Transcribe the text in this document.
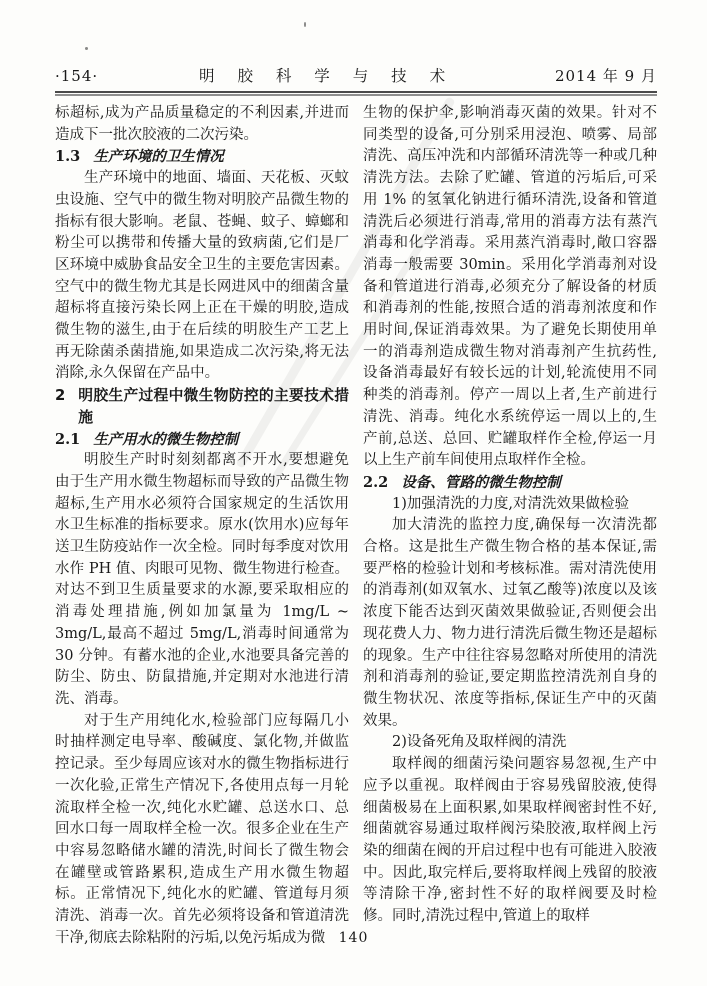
·154·	明 胶 科 学 与 技 术	2014 年 9 月

标超标,成为产品质量稳定的不利因素,并进而造成下一批次胶液的二次污染。

1.3 生产环境的卫生情况

生产环境中的地面、墙面、天花板、灭蚊虫设施、空气中的微生物对明胶产品微生物的指标有很大影响。老鼠、苍蝇、蚊子、蟑螂和粉尘可以携带和传播大量的致病菌,它们是厂区环境中威胁食品安全卫生的主要危害因素。空气中的微生物尤其是长网进风中的细菌含量超标将直接污染长网上正在干燥的明胶,造成微生物的滋生,由于在后续的明胶生产工艺上再无除菌杀菌措施,如果造成二次污染,将无法消除,永久保留在产品中。

2 明胶生产过程中微生物防控的主要技术措施
2.1 生产用水的微生物控制

明胶生产时时刻刻都离不开水,要想避免由于生产用水微生物超标而导致的产品微生物超标,生产用水必须符合国家规定的生活饮用水卫生标准的指标要求。原水(饮用水)应每年送卫生防疫站作一次全检。同时每季度对饮用水作 PH 值、肉眼可见物、微生物进行检查。对达不到卫生质量要求的水源,要采取相应的消毒处理措施,例如加氯量为 1mg/L ~ 3mg/L,最高不超过 5mg/L,消毒时间通常为 30 分钟。有蓄水池的企业,水池要具备完善的防尘、防虫、防鼠措施,并定期对水池进行清洗、消毒。

对于生产用纯化水,检验部门应每隔几小时抽样测定电导率、酸碱度、氯化物,并做监控记录。至少每周应该对水的微生物指标进行一次化验,正常生产情况下,各使用点每一月轮流取样全检一次,纯化水贮罐、总送水口、总回水口每一周取样全检一次。很多企业在生产中容易忽略储水罐的清洗,时间长了微生物会在罐壁或管路累积,造成生产用水微生物超标。正常情况下,纯化水的贮罐、管道每月须清洗、消毒一次。首先必须将设备和管道清洗干净,彻底去除粘附的污垢,以免污垢成为微

生物的保护伞,影响消毒灭菌的效果。针对不同类型的设备,可分别采用浸泡、喷雾、局部清洗、高压冲洗和内部循环清洗等一种或几种清洗方法。去除了贮罐、管道的污垢后,可采用 1% 的氢氧化钠进行循环清洗,设备和管道清洗后必须进行消毒,常用的消毒方法有蒸汽消毒和化学消毒。采用蒸汽消毒时,敞口容器消毒一般需要 30min。采用化学消毒剂对设备和管道进行消毒,必须充分了解设备的材质和消毒剂的性能,按照合适的消毒剂浓度和作用时间,保证消毒效果。为了避免长期使用单一的消毒剂造成微生物对消毒剂产生抗药性,设备消毒最好有较长远的计划,轮流使用不同种类的消毒剂。停产一周以上者,生产前进行清洗、消毒。纯化水系统停运一周以上的,生产前,总送、总回、贮罐取样作全检,停运一月以上生产前车间使用点取样作全检。

2.2 设备、管路的微生物控制

1)加强清洗的力度,对清洗效果做检验

加大清洗的监控力度,确保每一次清洗都合格。这是批生产微生物合格的基本保证,需要严格的检验计划和考核标准。需对清洗使用的消毒剂(如双氧水、过氧乙酸等)浓度以及该浓度下能否达到灭菌效果做验证,否则便会出现花费人力、物力进行清洗后微生物还是超标的现象。生产中往往容易忽略对所使用的清洗剂和消毒剂的验证,要定期监控清洗剂自身的微生物状况、浓度等指标,保证生产中的灭菌效果。

2)设备死角及取样阀的清洗

取样阀的细菌污染问题容易忽视,生产中应予以重视。取样阀由于容易残留胶液,使得细菌极易在上面积累,如果取样阀密封性不好,细菌就容易通过取样阀污染胶液,取样阀上污染的细菌在阀的开启过程中也有可能进入胶液中。因此,取完样后,要将取样阀上残留的胶液等清除干净,密封性不好的取样阀要及时检修。同时,清洗过程中,管道上的取样

140
